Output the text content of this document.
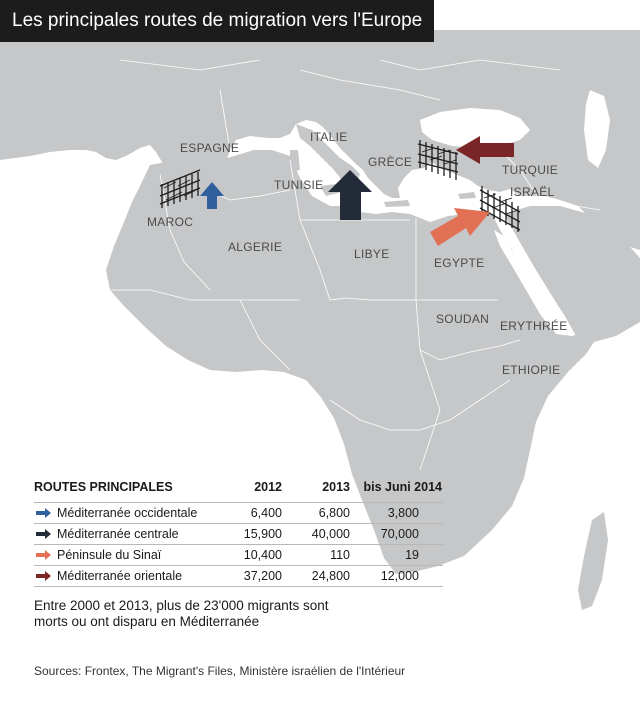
Les principales routes de migration vers l'Europe
ESPAGNE
MAROC
ALGERIE
TUNISIE
ITALIE
GRÈCE
TURQUIE
ISRAËL
LIBYE
EGYPTE
SOUDAN ERYTHRÉE
ETHIOPIE
ROUTES PRINCIPALES	2012	2013	bis Juni 2014
Méditerranée occidentale	6,400	6,800	3,800
Méditerranée centrale	15,900	40,000	70,000
Péninsule du Sinaï	10,400	110	19
Méditerranée orientale	37,200	24,800	12,000
Entre 2000 et 2013, plus de 23'000 migrants sont morts ou ont disparu en Méditerranée
Sources: Frontex, The Migrant's Files, Ministère israélien de l'Intérieur
